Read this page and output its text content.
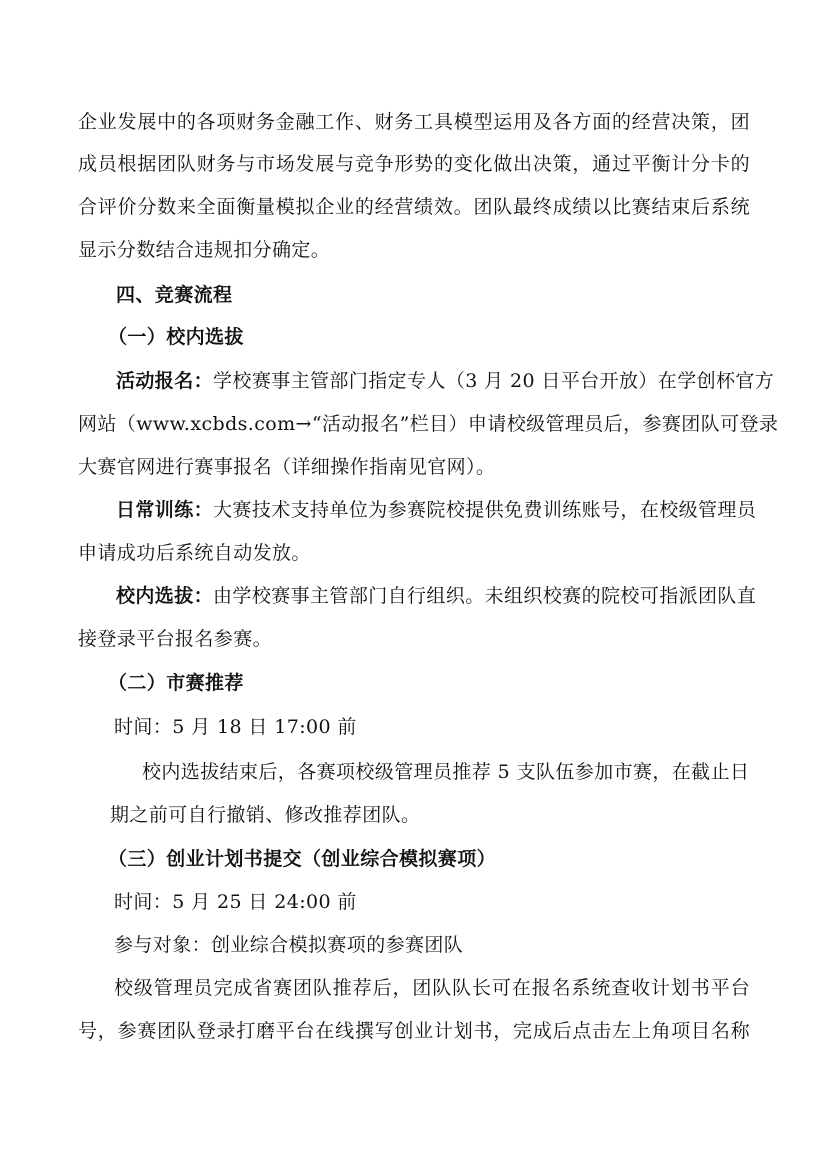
企业发展中的各项财务金融工作、财务工具模型运用及各方面的经营决策，团
成员根据团队财务与市场发展与竞争形势的变化做出决策，通过平衡计分卡的
合评价分数来全面衡量模拟企业的经营绩效。团队最终成绩以比赛结束后系统
显示分数结合违规扣分确定。
四、竞赛流程
（一）校内选拔
活动报名：学校赛事主管部门指定专人（3 月 20 日平台开放）在学创杯官方
网站（www.xcbds.com→“活动报名”栏目）申请校级管理员后，参赛团队可登录
大赛官网进行赛事报名（详细操作指南见官网）。
日常训练：大赛技术支持单位为参赛院校提供免费训练账号，在校级管理员
申请成功后系统自动发放。
校内选拔：由学校赛事主管部门自行组织。未组织校赛的院校可指派团队直
接登录平台报名参赛。
（二）市赛推荐
时间：5 月 18 日 17:00 前
校内选拔结束后，各赛项校级管理员推荐 5 支队伍参加市赛，在截止日
期之前可自行撤销、修改推荐团队。
（三）创业计划书提交（创业综合模拟赛项）
时间：5 月 25 日 24:00 前
参与对象：创业综合模拟赛项的参赛团队
校级管理员完成省赛团队推荐后，团队队长可在报名系统查收计划书平台
号，参赛团队登录打磨平台在线撰写创业计划书，完成后点击左上角项目名称
